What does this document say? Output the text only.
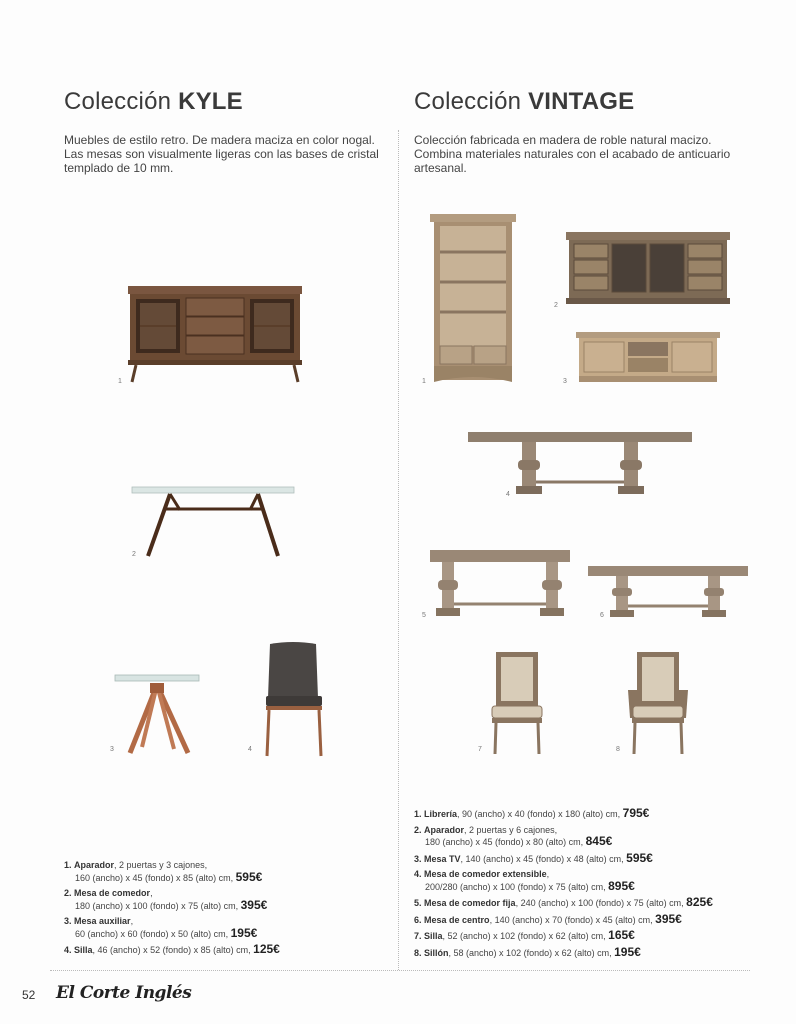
Colección KYLE	Colección VINTAGE
Muebles de estilo retro. De madera maciza en color nogal. Las mesas son visualmente ligeras con las bases de cristal templado de 10 mm.
Colección fabricada en madera de roble natural macizo. Combina materiales naturales con el acabado de anticuario artesanal.
1
2
3	4
1
2
3
4
5	6
7	8
1. Aparador, 2 puertas y 3 cajones,
160 (ancho) x 45 (fondo) x 85 (alto) cm, 595€
2. Mesa de comedor,
180 (ancho) x 100 (fondo) x 75 (alto) cm, 395€
3. Mesa auxiliar,
60 (ancho) x 60 (fondo) x 50 (alto) cm, 195€
4. Silla, 46 (ancho) x 52 (fondo) x 85 (alto) cm, 125€
1. Librería, 90 (ancho) x 40 (fondo) x 180 (alto) cm, 795€
2. Aparador, 2 puertas y 6 cajones,
180 (ancho) x 45 (fondo) x 80 (alto) cm, 845€
3. Mesa TV, 140 (ancho) x 45 (fondo) x 48 (alto) cm, 595€
4. Mesa de comedor extensible,
200/280 (ancho) x 100 (fondo) x 75 (alto) cm, 895€
5. Mesa de comedor fija, 240 (ancho) x 100 (fondo) x 75 (alto) cm, 825€
6. Mesa de centro, 140 (ancho) x 70 (fondo) x 45 (alto) cm, 395€
7. Silla, 52 (ancho) x 102 (fondo) x 62 (alto) cm, 165€
8. Sillón, 58 (ancho) x 102 (fondo) x 62 (alto) cm, 195€
52 El Corte Inglés
